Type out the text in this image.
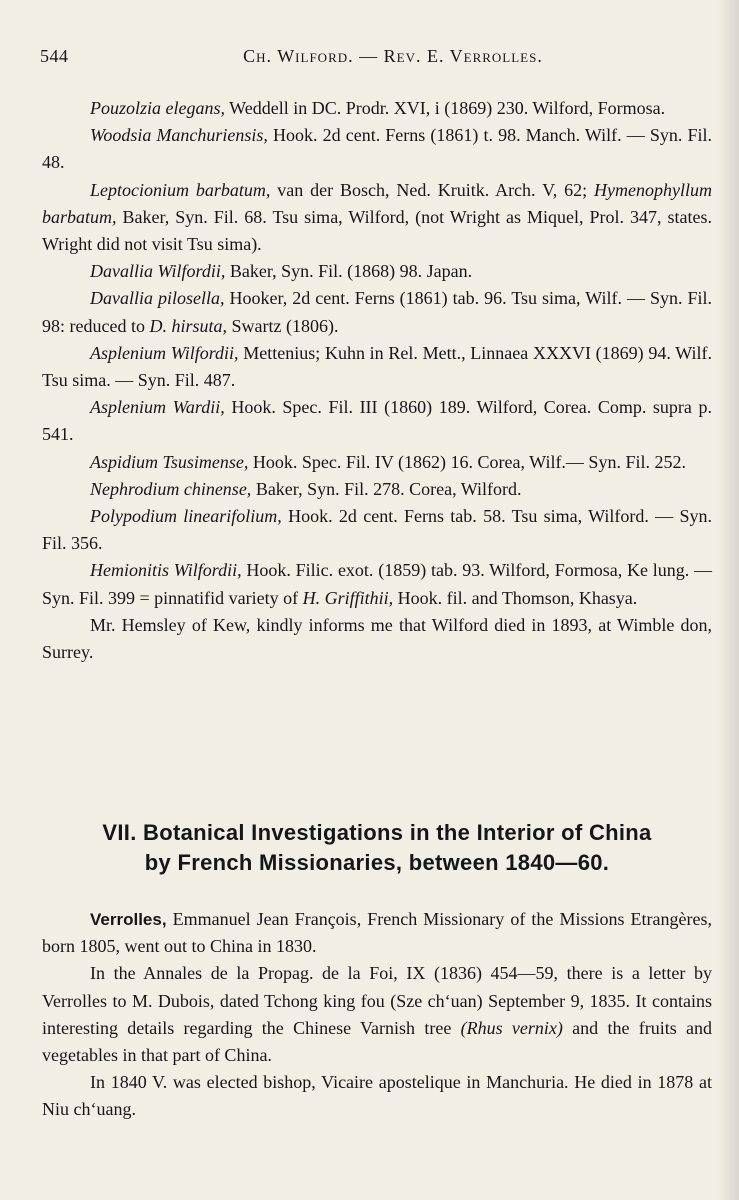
544	Ch. Wilford. — Rev. E. Verrolles.

Pouzolzia elegans, Weddell in DC. Prodr. XVI, i (1869) 230. Wilford, Formosa.

Woodsia Manchuriensis, Hook. 2d cent. Ferns (1861) t. 98. Manch. Wilf. — Syn. Fil. 48.

Leptocionium barbatum, van der Bosch, Ned. Kruitk. Arch. V, 62; Hymenophyllum barbatum, Baker, Syn. Fil. 68. Tsu sima, Wilford, (not Wright as Miquel, Prol. 347, states. Wright did not visit Tsu sima).

Davallia Wilfordii, Baker, Syn. Fil. (1868) 98. Japan.

Davallia pilosella, Hooker, 2d cent. Ferns (1861) tab. 96. Tsu sima, Wilf. — Syn. Fil. 98: reduced to D. hirsuta, Swartz (1806).

Asplenium Wilfordii, Mettenius; Kuhn in Rel. Mett., Linnaea XXXVI (1869) 94. Wilf. Tsu sima. — Syn. Fil. 487.

Asplenium Wardii, Hook. Spec. Fil. III (1860) 189. Wilford, Corea. Comp. supra p. 541.

Aspidium Tsusimense, Hook. Spec. Fil. IV (1862) 16. Corea, Wilf.— Syn. Fil. 252.

Nephrodium chinense, Baker, Syn. Fil. 278. Corea, Wilford.

Polypodium linearifolium, Hook. 2d cent. Ferns tab. 58. Tsu sima, Wilford. — Syn. Fil. 356.

Hemionitis Wilfordii, Hook. Filic. exot. (1859) tab. 93. Wilford, Formosa, Ke lung. — Syn. Fil. 399 = pinnatifid variety of H. Griffithii, Hook. fil. and Thomson, Khasya.

Mr. Hemsley of Kew, kindly informs me that Wilford died in 1893, at Wimble don, Surrey.

VII. Botanical Investigations in the Interior of China
by French Missionaries, between 1840—60.

Verrolles, Emmanuel Jean François, French Missionary of the Missions Etrangères, born 1805, went out to China in 1830.

In the Annales de la Propag. de la Foi, IX (1836) 454—59, there is a letter by Verrolles to M. Dubois, dated Tchong king fou (Sze chʻuan) September 9, 1835. It contains interesting details regarding the Chinese Varnish tree (Rhus vernix) and the fruits and vegetables in that part of China.

In 1840 V. was elected bishop, Vicaire apostelique in Manchuria. He died in 1878 at Niu chʻuang.
